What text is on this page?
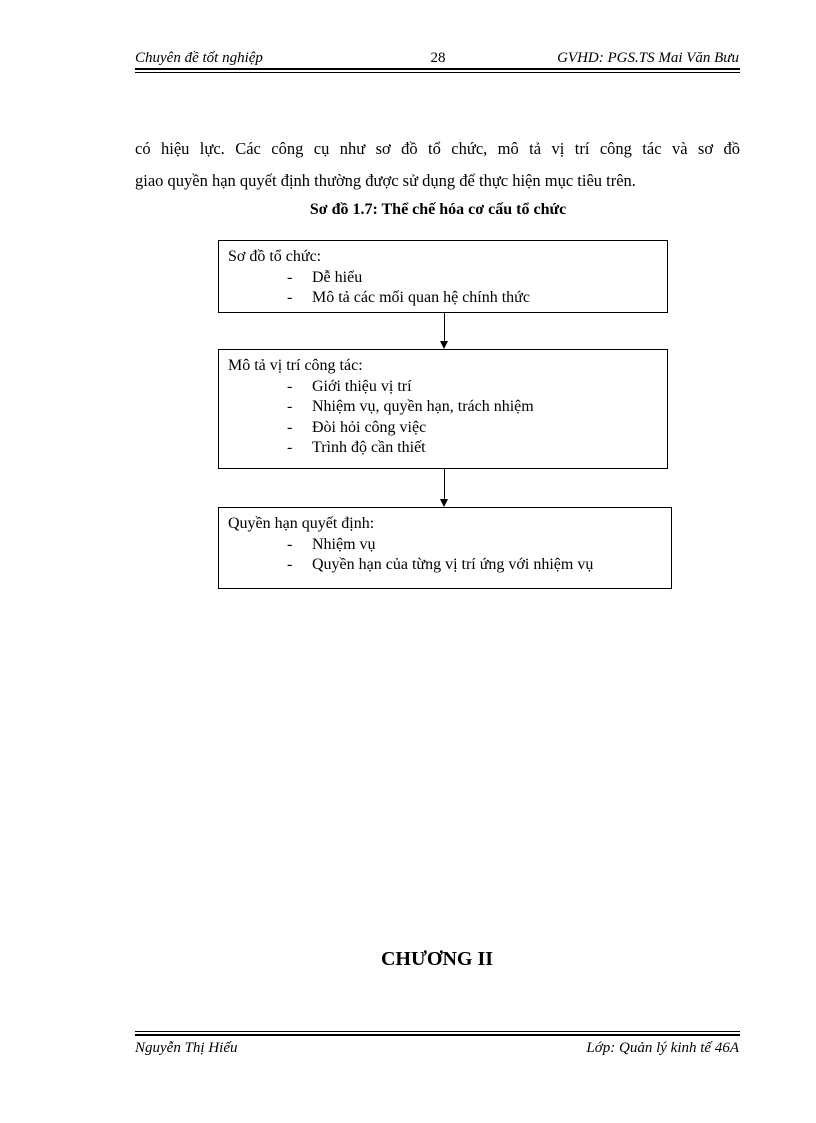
Chuyên đề tốt nghiệp	28	GVHD: PGS.TS Mai Văn Bưu
có hiệu lực. Các công cụ như sơ đồ tổ chức, mô tả vị trí công tác và sơ đồ
giao quyền hạn quyết định thường được sử dụng để thực hiện mục tiêu trên.
Sơ đồ 1.7: Thể chế hóa cơ cấu tổ chức
Sơ đồ tổ chức:
- Dễ hiểu
- Mô tả các mối quan hệ chính thức
Mô tả vị trí công tác:
- Giới thiệu vị trí
- Nhiệm vụ, quyền hạn, trách nhiệm
- Đòi hỏi công việc
- Trình độ cần thiết
Quyền hạn quyết định:
- Nhiệm vụ
- Quyền hạn của từng vị trí ứng với nhiệm vụ
CHƯƠNG II
Nguyễn Thị Hiếu	Lớp: Quản lý kinh tế 46A
